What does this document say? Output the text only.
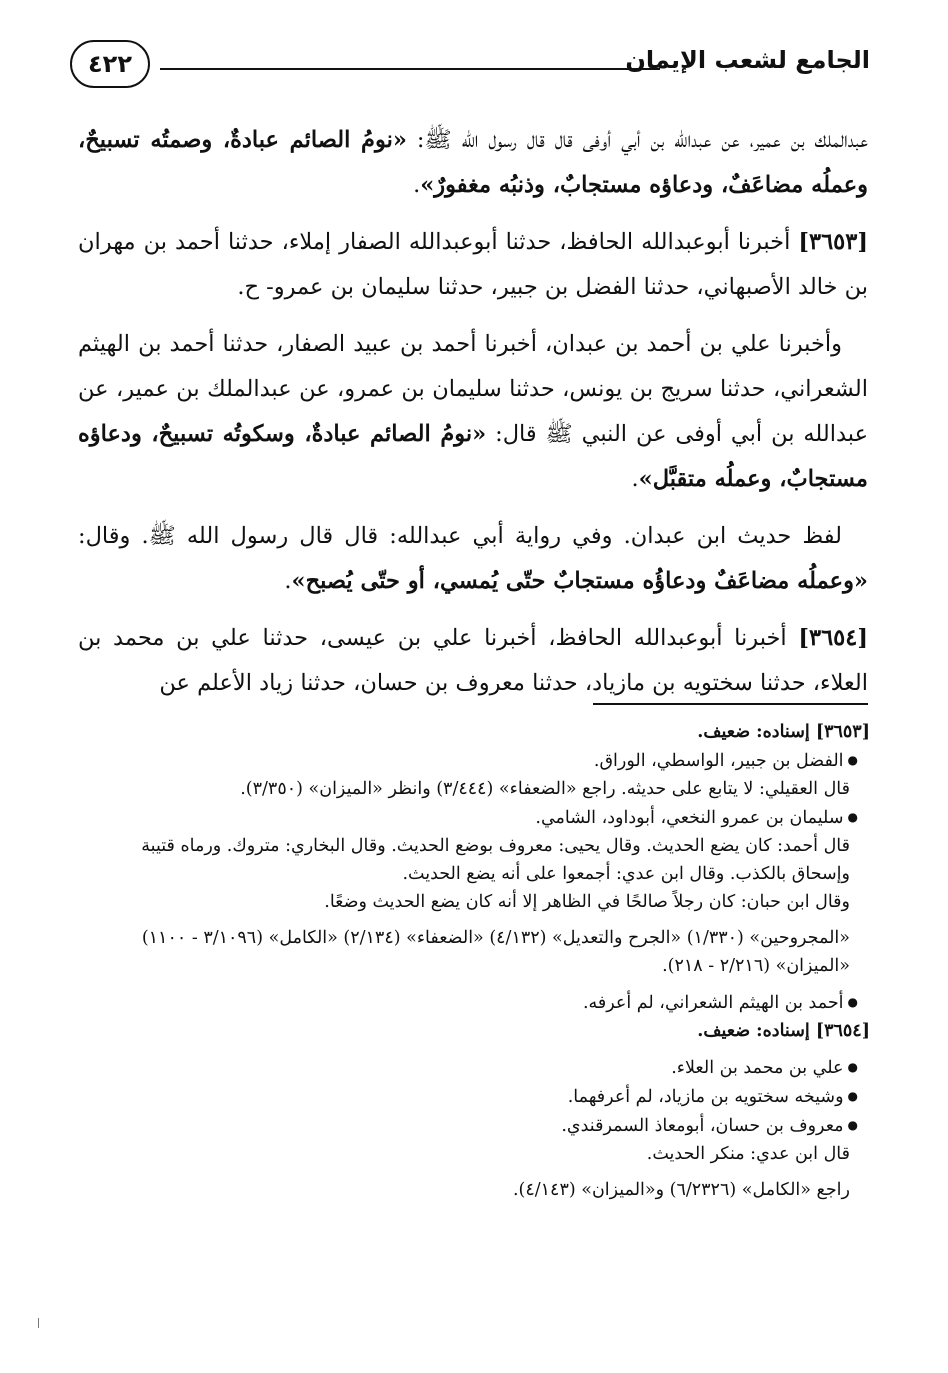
الجامع لشعب الإيمان
٤٢٢

عبدالملك بن عمير، عن عبدالله بن أبي أوفى قال قال رسول الله ﷺ: «نومُ الصائم عبادةٌ، وصمتُه تسبيحٌ، وعملُه مضاعَفٌ، ودعاؤه مستجابٌ، وذنبُه مغفورٌ».

[٣٦٥٣] أخبرنا أبوعبدالله الحافظ، حدثنا أبوعبدالله الصفار إملاء، حدثنا أحمد بن مهران بن خالد الأصبهاني، حدثنا الفضل بن جبير، حدثنا سليمان بن عمرو- ح.

وأخبرنا علي بن أحمد بن عبدان، أخبرنا أحمد بن عبيد الصفار، حدثنا أحمد بن الهيثم الشعراني، حدثنا سريج بن يونس، حدثنا سليمان بن عمرو، عن عبدالملك بن عمير، عن عبدالله بن أبي أوفى عن النبي ﷺ قال: «نومُ الصائم عبادةٌ، وسكوتُه تسبيحٌ، ودعاؤه مستجابٌ، وعملُه متقبَّل».

لفظ حديث ابن عبدان. وفي رواية أبي عبدالله: قال قال رسول الله ﷺ. وقال: «وعملُه مضاعَفٌ ودعاؤُه مستجابٌ حتّى يُمسي، أو حتّى يُصبح».

[٣٦٥٤] أخبرنا أبوعبدالله الحافظ، أخبرنا علي بن عيسى، حدثنا علي بن محمد بن العلاء، حدثنا سختويه بن مازياد، حدثنا معروف بن حسان، حدثنا زياد الأعلم عن

[٣٦٥٣] إسناده: ضعيف.
● الفضل بن جبير، الواسطي، الوراق.
قال العقيلي: لا يتابع على حديثه. راجع «الضعفاء» (٣/٤٤٤) وانظر «الميزان» (٣/٣٥٠).
● سليمان بن عمرو النخعي، أبوداود، الشامي.
قال أحمد: كان يضع الحديث. وقال يحيى: معروف بوضع الحديث. وقال البخاري: متروك. ورماه قتيبة وإسحاق بالكذب. وقال ابن عدي: أجمعوا على أنه يضع الحديث.
وقال ابن حبان: كان رجلاً صالحًا في الظاهر إلا أنه كان يضع الحديث وضعًا.
«المجروحين» (١/٣٣٠) «الجرح والتعديل» (٤/١٣٢) «الضعفاء» (٢/١٣٤) «الكامل» (٣/١٠٩٦ - ١١٠٠) «الميزان» (٢/٢١٦ - ٢١٨).
● أحمد بن الهيثم الشعراني، لم أعرفه.
[٣٦٥٤] إسناده: ضعيف.
● علي بن محمد بن العلاء.
● وشيخه سختويه بن مازياد، لم أعرفهما.
● معروف بن حسان، أبومعاذ السمرقندي.
قال ابن عدي: منكر الحديث.
راجع «الكامل» (٦/٢٣٢٦) و«الميزان» (٤/١٤٣).
